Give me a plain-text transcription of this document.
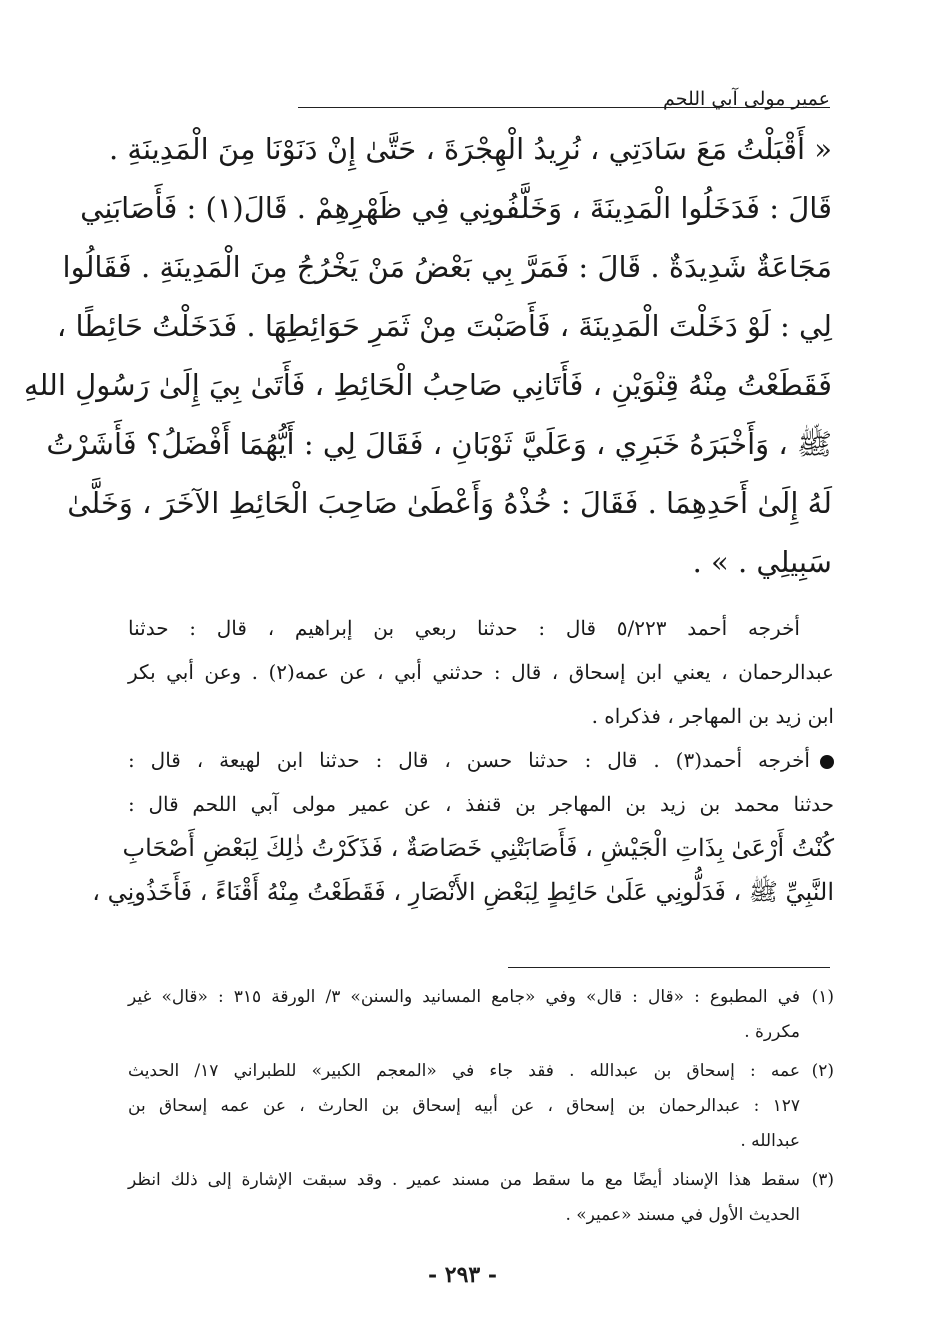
عمير مولى آبي اللحم
« أَقْبَلْتُ مَعَ سَادَتِي ، نُرِيدُ الْهِجْرَةَ ، حَتَّىٰ إِنْ دَنَوْنَا مِنَ الْمَدِينَةِ .
قَالَ : فَدَخَلُوا الْمَدِينَةَ ، وَخَلَّفُونِي فِي ظَهْرِهِمْ . قَالَ(١) : فَأَصَابَنِي
مَجَاعَةٌ شَدِيدَةٌ . قَالَ : فَمَرَّ بِي بَعْضُ مَنْ يَخْرُجُ مِنَ الْمَدِينَةِ . فَقَالُوا
لِي : لَوْ دَخَلْتَ الْمَدِينَةَ ، فَأَصَبْتَ مِنْ ثَمَرِ حَوَائِطِهَا . فَدَخَلْتُ حَائِطًا ،
فَقَطَعْتُ مِنْهُ قِنْوَيْنِ ، فَأَتَانِي صَاحِبُ الْحَائِطِ ، فَأَتَىٰ بِيَ إِلَىٰ رَسُولِ اللهِ
ﷺ ، وَأَخْبَرَهُ خَبَرِي ، وَعَلَيَّ ثَوْبَانِ ، فَقَالَ لِي : أَيُّهُمَا أَفْضَلُ؟ فَأَشَرْتُ
لَهُ إِلَىٰ أَحَدِهِمَا . فَقَالَ : خُذْهُ وَأَعْطَىٰ صَاحِبَ الْحَائِطِ الآخَرَ ، وَخَلَّىٰ
سَبِيلِي . » .
أخرجه أحمد ٥/٢٢٣ قال : حدثنا ربعي بن إبراهيم ، قال : حدثنا
عبدالرحمان ، يعني ابن إسحاق ، قال : حدثني أبي ، عن عمه(٢) . وعن أبي بكر
ابن زيد بن المهاجر ، فذكراه .
أخرجه أحمد(٣) . قال : حدثنا حسن ، قال : حدثنا ابن لهيعة ، قال :
حدثنا محمد بن زيد بن المهاجر بن قنفذ ، عن عمير مولى آبي اللحم قال :
كُنْتُ أَرْعَىٰ بِذَاتِ الْجَيْشِ ، فَأَصَابَتْنِي خَصَاصَةٌ ، فَذَكَرْتُ ذٰلِكَ لِبَعْضِ أَصْحَابِ
النَّبِيِّ ﷺ ، فَدَلُّونِي عَلَىٰ حَائِطٍ لِبَعْضِ الأَنْصَارِ ، فَقَطَعْتُ مِنْهُ أَقْنَاءً ، فَأَخَذُونِي ،
(١)
في المطبوع : «قال : قال» وفي «جامع المسانيد والسنن» ٣/ الورقة ٣١٥ : «قال» غير
مكررة .
(٢)
عمه : إسحاق بن عبدالله . فقد جاء في «المعجم الكبير» للطبراني ١٧/ الحديث
١٢٧ : عبدالرحمان بن إسحاق ، عن أبيه إسحاق بن الحارث ، عن عمه إسحاق بن
عبدالله .
(٣)
سقط هذا الإسناد أيضًا مع ما سقط من مسند عمير . وقد سبقت الإشارة إلى ذلك انظر
الحديث الأول في مسند «عمير» .
- ٢٩٣ -
